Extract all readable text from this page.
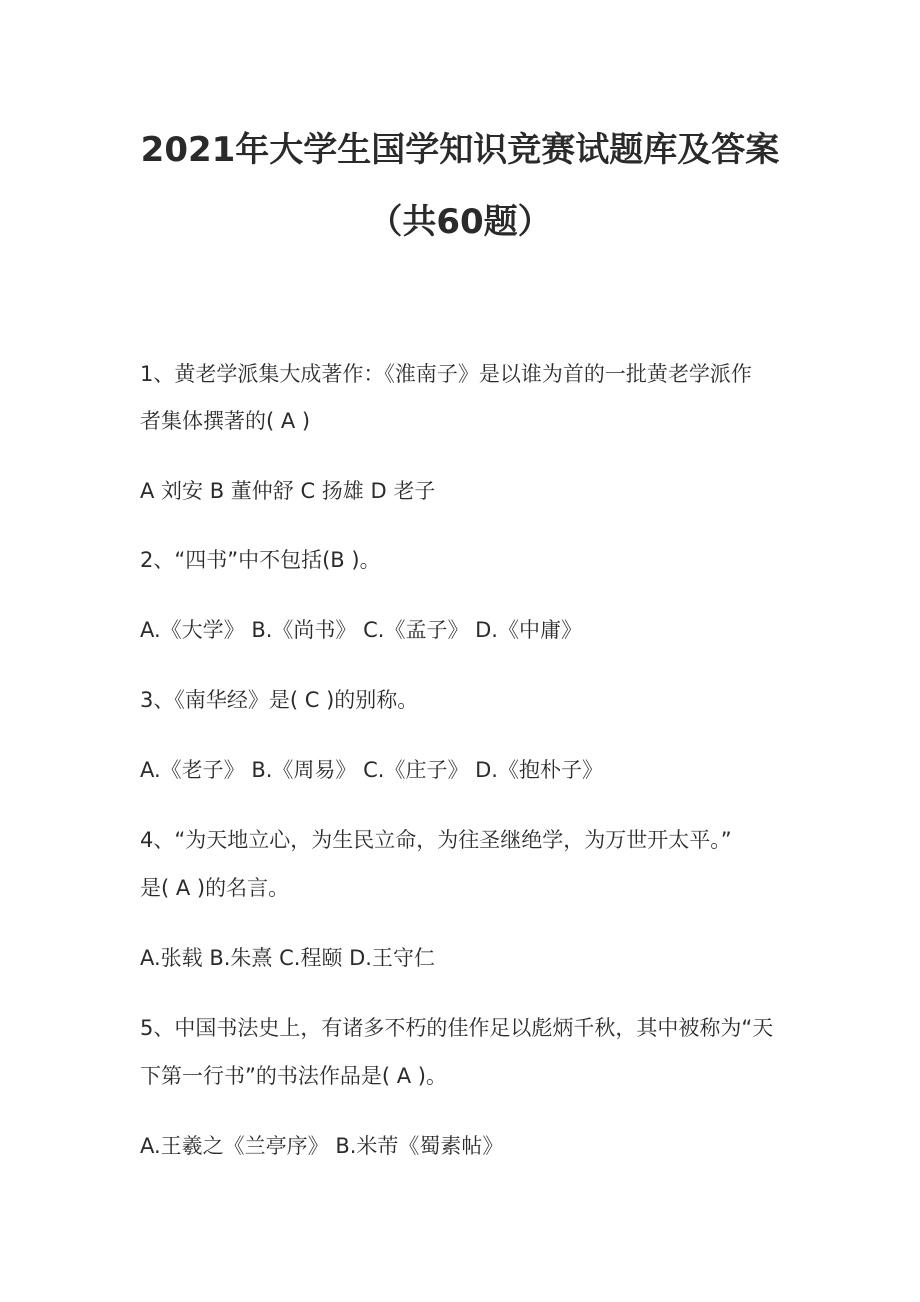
2021年大学生国学知识竞赛试题库及答案
（共60题）

1、黄老学派集大成著作：《淮南子》是以谁为首的一批黄老学派作

者集体撰著的( A )

A 刘安 B 董仲舒 C 扬雄 D 老子

2、“四书”中不包括(B )。

A.《大学》 B.《尚书》 C.《孟子》 D.《中庸》

3、《南华经》是( C )的别称。

A.《老子》 B.《周易》 C.《庄子》 D.《抱朴子》

4、“为天地立心，为生民立命，为往圣继绝学，为万世开太平。”

是( A )的名言。

A.张载 B.朱熹 C.程颐 D.王守仁

5、中国书法史上，有诸多不朽的佳作足以彪炳千秋，其中被称为“天

下第一行书”的书法作品是( A )。

A.王羲之《兰亭序》 B.米芾《蜀素帖》
